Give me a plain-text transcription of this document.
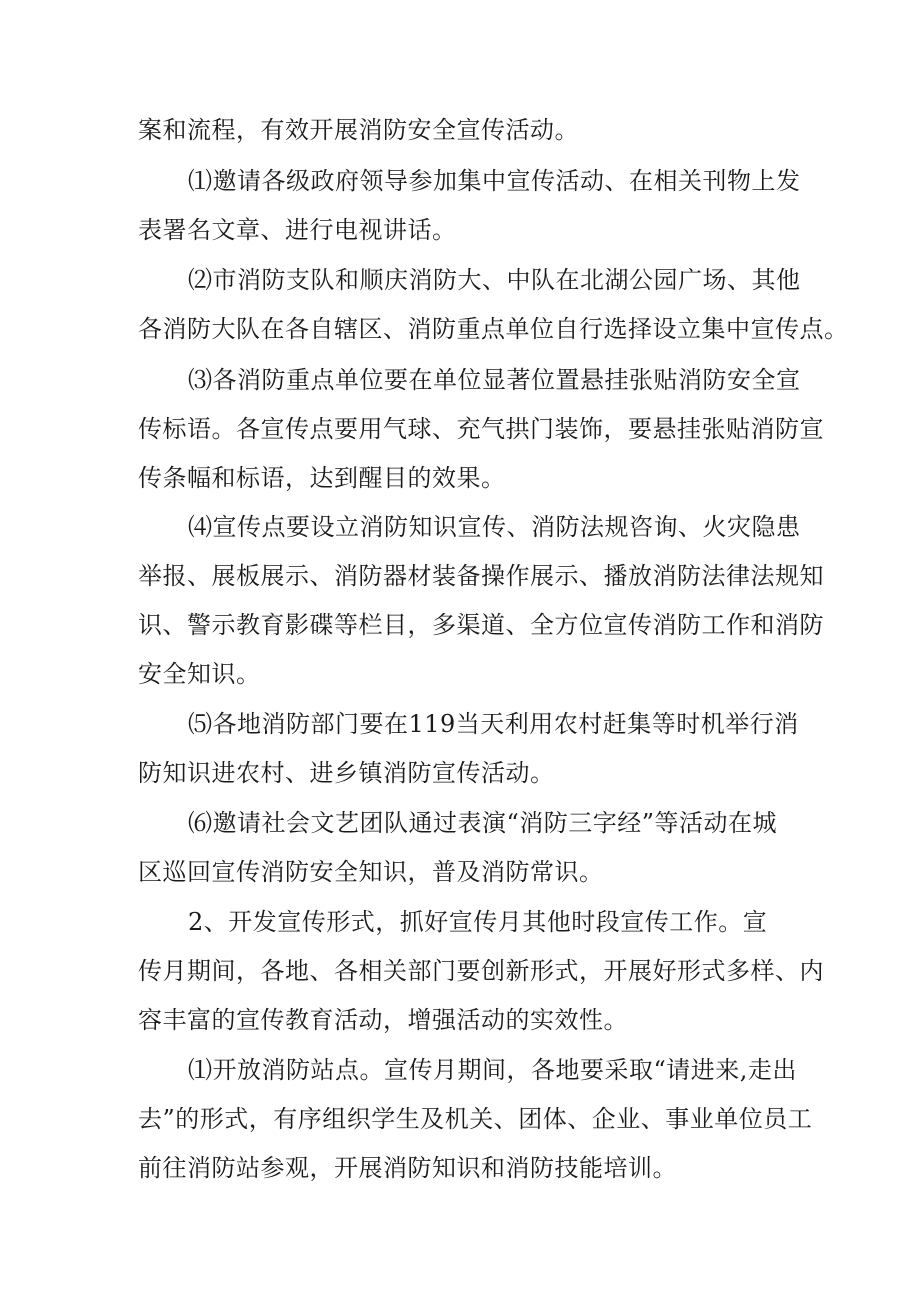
案和流程，有效开展消防安全宣传活动。
⑴邀请各级政府领导参加集中宣传活动、在相关刊物上发
表署名文章、进行电视讲话。
⑵市消防支队和顺庆消防大、中队在北湖公园广场、其他
各消防大队在各自辖区、消防重点单位自行选择设立集中宣传点。
⑶各消防重点单位要在单位显著位置悬挂张贴消防安全宣
传标语。各宣传点要用气球、充气拱门装饰，要悬挂张贴消防宣
传条幅和标语，达到醒目的效果。
⑷宣传点要设立消防知识宣传、消防法规咨询、火灾隐患
举报、展板展示、消防器材装备操作展示、播放消防法律法规知
识、警示教育影碟等栏目，多渠道、全方位宣传消防工作和消防
安全知识。
⑸各地消防部门要在119当天利用农村赶集等时机举行消
防知识进农村、进乡镇消防宣传活动。
⑹邀请社会文艺团队通过表演“消防三字经”等活动在城
区巡回宣传消防安全知识，普及消防常识。
2、开发宣传形式，抓好宣传月其他时段宣传工作。宣
传月期间，各地、各相关部门要创新形式，开展好形式多样、内
容丰富的宣传教育活动，增强活动的实效性。
⑴开放消防站点。宣传月期间，各地要采取“请进来,走出
去”的形式，有序组织学生及机关、团体、企业、事业单位员工
前往消防站参观，开展消防知识和消防技能培训。
